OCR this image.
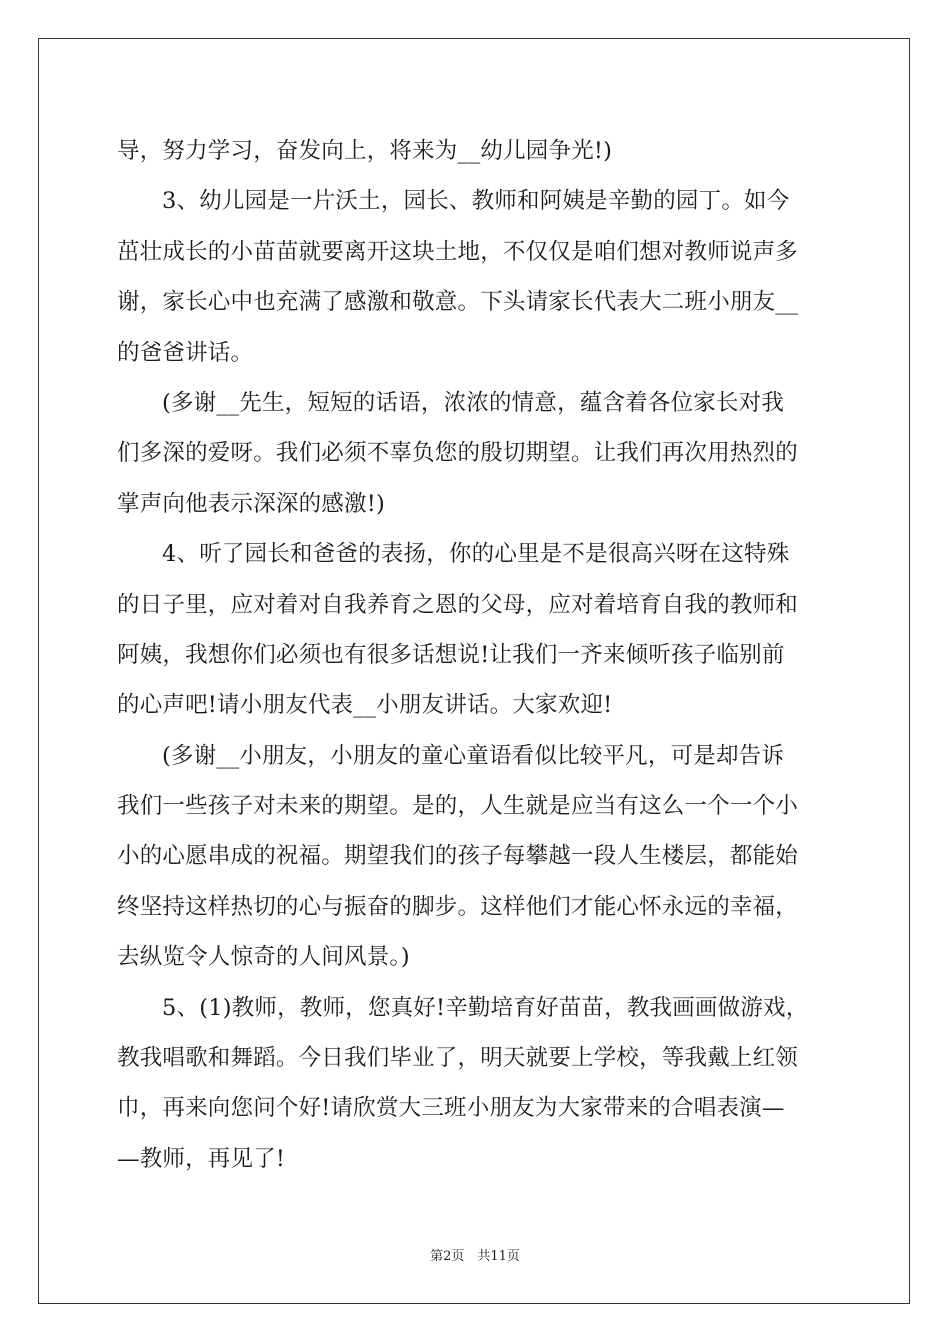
导，努力学习，奋发向上，将来为__幼儿园争光!)
3、幼儿园是一片沃土，园长、教师和阿姨是辛勤的园丁。如今
茁壮成长的小苗苗就要离开这块土地，不仅仅是咱们想对教师说声多
谢，家长心中也充满了感激和敬意。下头请家长代表大二班小朋友__
的爸爸讲话。
(多谢__先生，短短的话语，浓浓的情意，蕴含着各位家长对我
们多深的爱呀。我们必须不辜负您的殷切期望。让我们再次用热烈的
掌声向他表示深深的感激!)
4、听了园长和爸爸的表扬，你的心里是不是很高兴呀在这特殊
的日子里，应对着对自我养育之恩的父母，应对着培育自我的教师和
阿姨，我想你们必须也有很多话想说!让我们一齐来倾听孩子临别前
的心声吧!请小朋友代表__小朋友讲话。大家欢迎!
(多谢__小朋友，小朋友的童心童语看似比较平凡，可是却告诉
我们一些孩子对未来的期望。是的，人生就是应当有这么一个一个小
小的心愿串成的祝福。期望我们的孩子每攀越一段人生楼层，都能始
终坚持这样热切的心与振奋的脚步。这样他们才能心怀永远的幸福，
去纵览令人惊奇的人间风景。)
5、(1)教师，教师，您真好!辛勤培育好苗苗，教我画画做游戏，
教我唱歌和舞蹈。今日我们毕业了，明天就要上学校，等我戴上红领
巾，再来向您问个好!请欣赏大三班小朋友为大家带来的合唱表演—
—教师，再见了!
第2页　共11页
